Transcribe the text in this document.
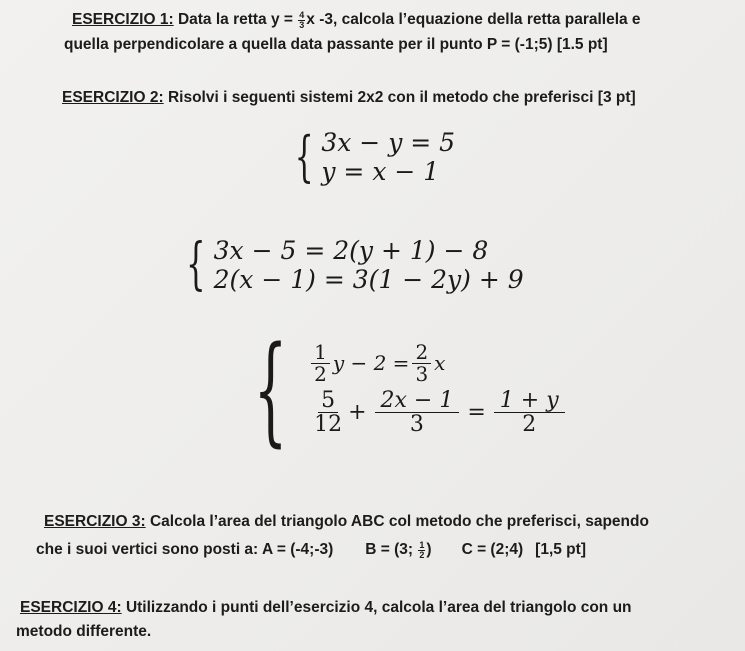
ESERCIZIO 1: Data la retta $y = \frac{4}{3}$ x -3, calcola l’equazione della retta parallela e
quella perpendicolare a quella data passante per il punto P = (-1;5) [1.5 pt]
ESERCIZIO 2: Risolvi i seguenti sistemi 2x2 con il metodo che preferisci [3 pt]
{ 3x − y = 5
y = x − 1
{ 3x − 5 = 2(y + 1) − 8
2(x − 1) = 3(1 − 2y) + 9
{ $\frac{1}{2}$ $y - 2 = \frac{2}{3}$ x
$\frac{5}{12} + \frac{2x - 1}{3} = \frac{1 + y}{2}$
ESERCIZIO 3: Calcola l’area del triangolo ABC col metodo che preferisci, sapendo
che i suoi vertici sono posti a: A = (-4;-3) B = (3; $\frac{1}{2}$ ) C = (2;4) [1,5 pt]
ESERCIZIO 4: Utilizzando i punti dell’esercizio 4, calcola l’area del triangolo con un
metodo differente.
